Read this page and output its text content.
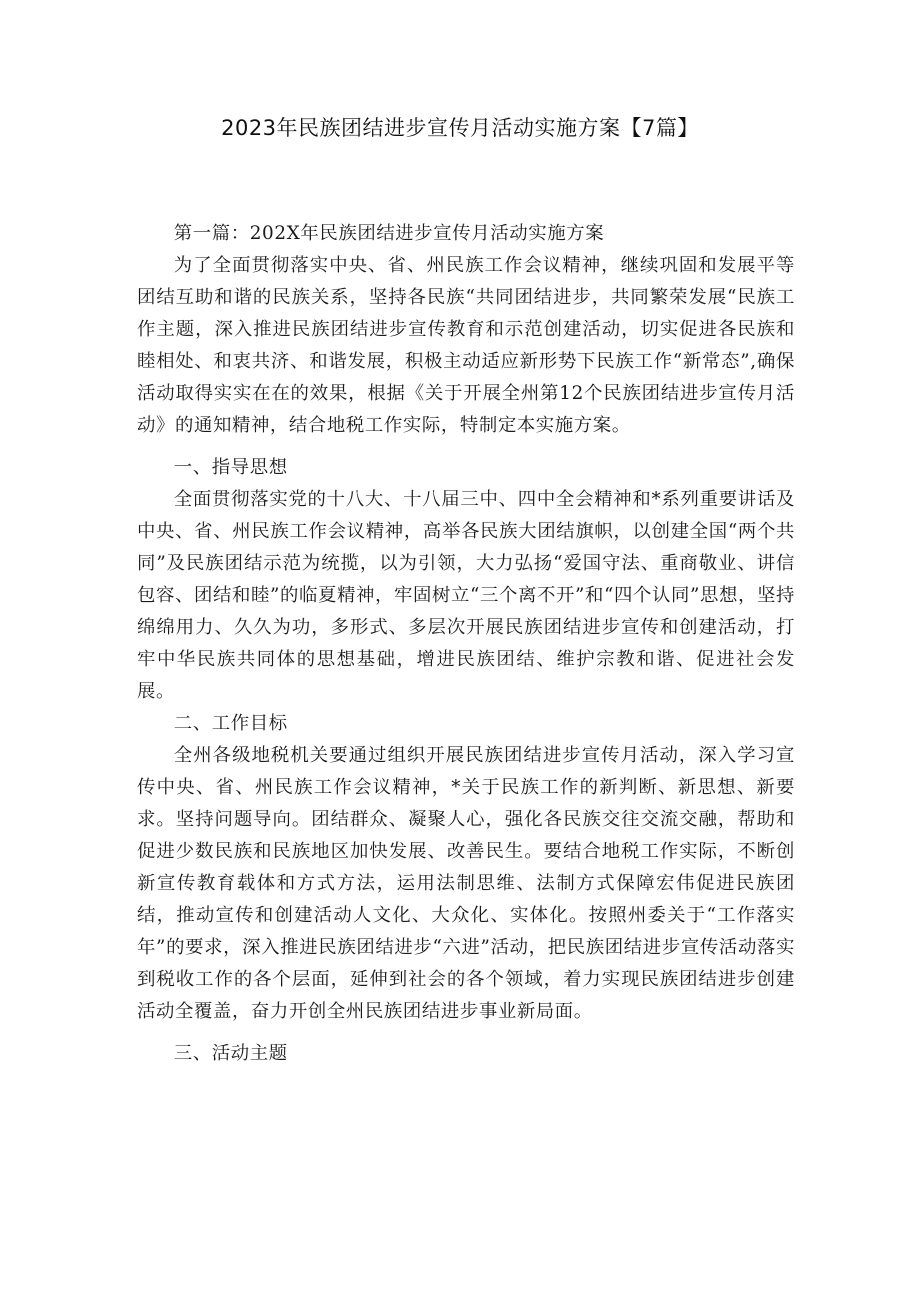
2023年民族团结进步宣传月活动实施方案【7篇】

第一篇：202X年民族团结进步宣传月活动实施方案

为了全面贯彻落实中央、省、州民族工作会议精神，继续巩固和发展平等团结互助和谐的民族关系，坚持各民族“共同团结进步，共同繁荣发展“民族工作主题，深入推进民族团结进步宣传教育和示范创建活动，切实促进各民族和睦相处、和衷共济、和谐发展，积极主动适应新形势下民族工作“新常态”,确保活动取得实实在在的效果，根据《关于开展全州第12个民族团结进步宣传月活动》的通知精神，结合地税工作实际，特制定本实施方案。

一、指导思想

全面贯彻落实党的十八大、十八届三中、四中全会精神和*系列重要讲话及中央、省、州民族工作会议精神，高举各民族大团结旗帜，以创建全国“两个共同”及民族团结示范为统揽，以为引领，大力弘扬“爱国守法、重商敬业、讲信包容、团结和睦”的临夏精神，牢固树立“三个离不开”和“四个认同”思想，坚持绵绵用力、久久为功，多形式、多层次开展民族团结进步宣传和创建活动，打牢中华民族共同体的思想基础，增进民族团结、维护宗教和谐、促进社会发展。

二、工作目标

全州各级地税机关要通过组织开展民族团结进步宣传月活动，深入学习宣传中央、省、州民族工作会议精神，*关于民族工作的新判断、新思想、新要求。坚持问题导向。团结群众、凝聚人心，强化各民族交往交流交融，帮助和促进少数民族和民族地区加快发展、改善民生。要结合地税工作实际，不断创新宣传教育载体和方式方法，运用法制思维、法制方式保障宏伟促进民族团结，推动宣传和创建活动人文化、大众化、实体化。按照州委关于“工作落实年”的要求，深入推进民族团结进步“六进”活动，把民族团结进步宣传活动落实到税收工作的各个层面，延伸到社会的各个领域，着力实现民族团结进步创建活动全覆盖，奋力开创全州民族团结进步事业新局面。

三、活动主题
